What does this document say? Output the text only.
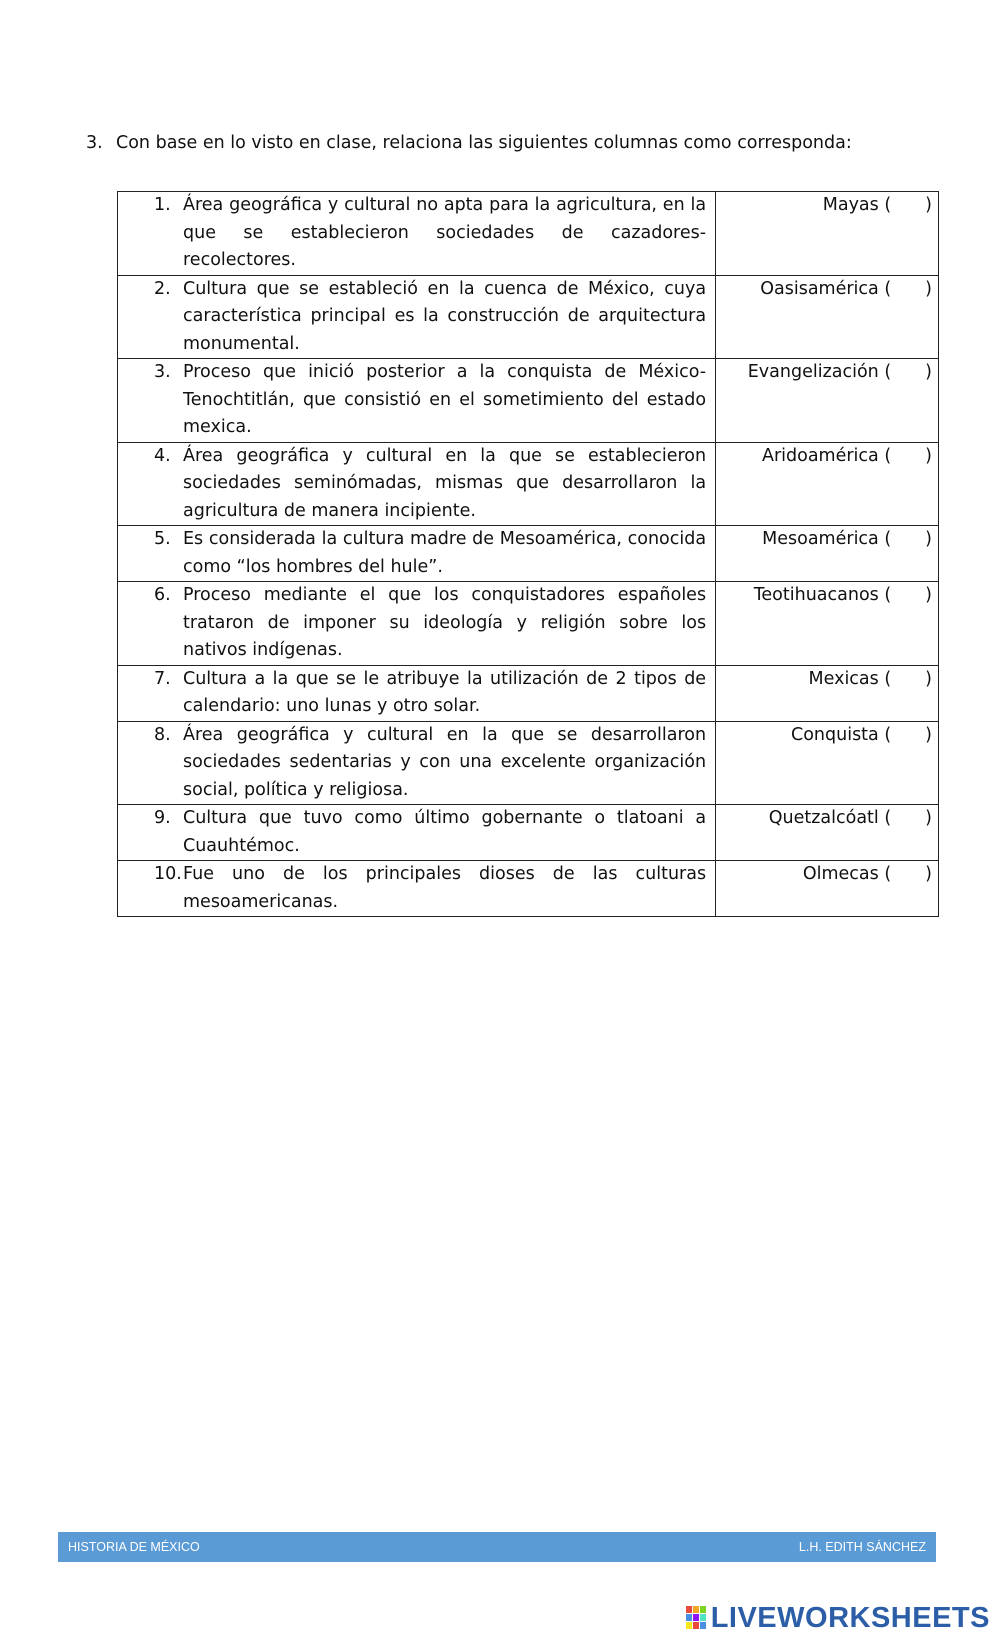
3. Con base en lo visto en clase, relaciona las siguientes columnas como corresponda:
1. Área geográfica y cultural no apta para la agricultura, en la que se establecieron sociedades de cazadores-recolectores.	Mayas ( )

2. Cultura que se estableció en la cuenca de México, cuya característica principal es la construcción de arquitectura monumental.	Oasisamérica ( )

3. Proceso que inició posterior a la conquista de México-Tenochtitlán, que consistió en el sometimiento del estado mexica.	Evangelización ( )

4. Área geográfica y cultural en la que se establecieron sociedades seminómadas, mismas que desarrollaron la agricultura de manera incipiente.	Aridoamérica ( )

5. Es considerada la cultura madre de Mesoamérica, conocida como “los hombres del hule”.	Mesoamérica ( )

6. Proceso mediante el que los conquistadores españoles trataron de imponer su ideología y religión sobre los nativos indígenas.	Teotihuacanos ( )

7. Cultura a la que se le atribuye la utilización de 2 tipos de calendario: uno lunas y otro solar.	Mexicas ( )

8. Área geográfica y cultural en la que se desarrollaron sociedades sedentarias y con una excelente organización social, política y religiosa.	Conquista ( )

9. Cultura que tuvo como último gobernante o tlatoani a Cuauhtémoc.	Quetzalcóatl ( )

10. Fue uno de los principales dioses de las culturas mesoamericanas.	Olmecas ( )
HISTORIA DE MÉXICO	L.H. EDITH SÁNCHEZ
LIVEWORKSHEETS
